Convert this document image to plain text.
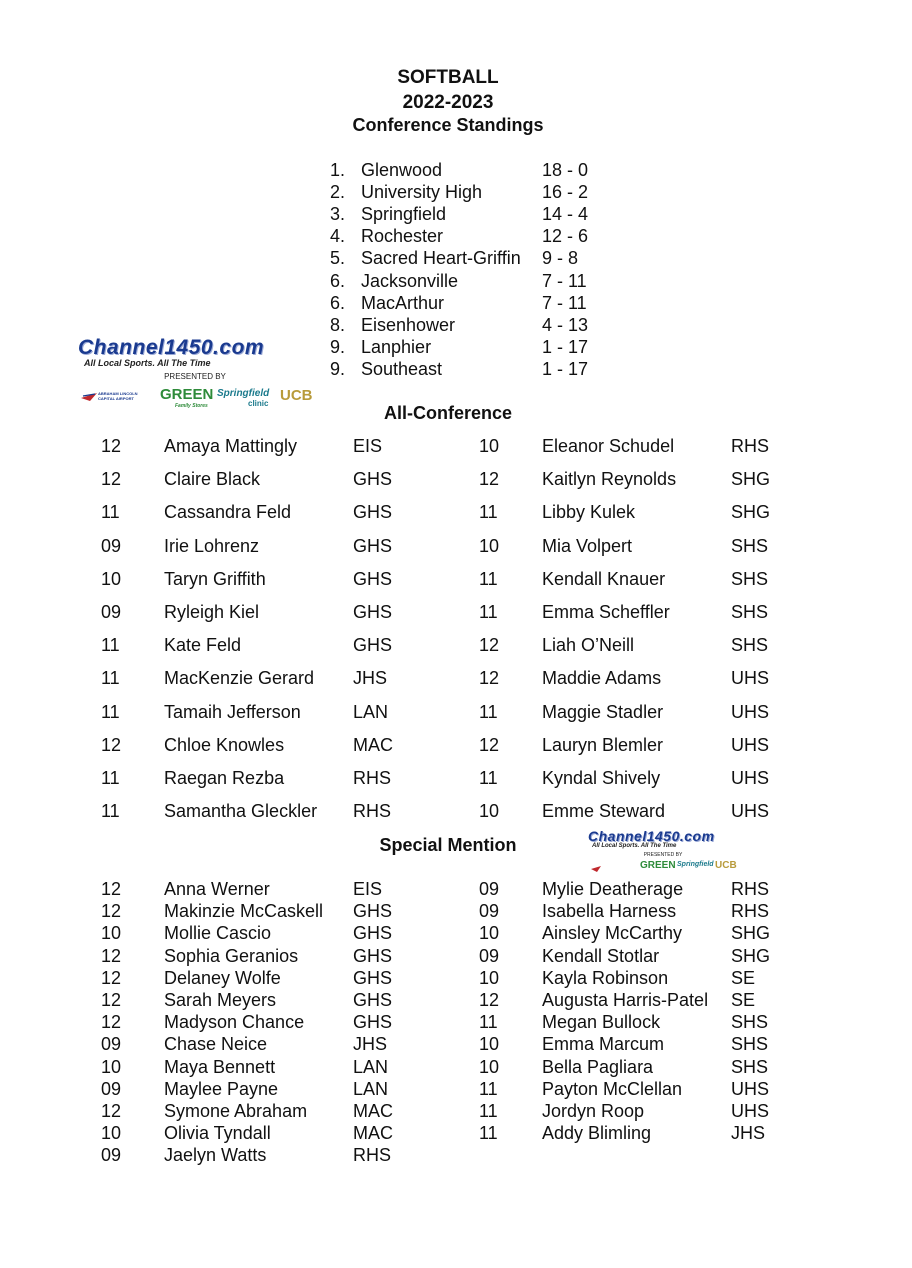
SOFTBALL
2022-2023
Conference Standings
1. Glenwood	18 - 0
2. University High	16 - 2
3. Springfield	14 - 4
4. Rochester	12 - 6
5. Sacred Heart-Griffin 9 - 8
6. Jacksonville	7 - 11
6. MacArthur	7 - 11
8. Eisenhower	4 - 13
9. Lanphier	1 - 17
9. Southeast	1 - 17
Channel1450.com
All Local Sports. All The Time
PRESENTED BY
ABRAHAM LINCOLN CAPITAL AIRPORT	GREEN
Family Stores
Springfield
clinic UCB
All-Conference
12 Amaya Mattingly	EIS	10 Eleanor Schudel	RHS
12 Claire Black	GHS	12 Kaitlyn Reynolds	SHG
11 Cassandra Feld	GHS	11 Libby Kulek	SHG
09 Irie Lohrenz	GHS	10 Mia Volpert	SHS
10 Taryn Griffith	GHS	11 Kendall Knauer	SHS
09 Ryleigh Kiel	GHS	11 Emma Scheffler	SHS
11 Kate Feld	GHS	12 Liah O’Neill	SHS
11 MacKenzie Gerard JHS	12 Maddie Adams	UHS
11 Tamaih Jefferson	LAN	11 Maggie Stadler	UHS
12 Chloe Knowles	MAC	12 Lauryn Blemler	UHS
11 Raegan Rezba	RHS	11 Kyndal Shively	UHS
11 Samantha Gleckler RHS	10 Emme Steward	UHS
Special Mention	Channel1450.com
All Local Sports. All The Time
PRESENTED BY
GREEN Springfield UCB
12 Anna Werner	EIS	09 Mylie Deatherage	RHS
12 Makinzie McCaskell GHS	09 Isabella Harness	RHS
10 Mollie Cascio	GHS	10 Ainsley McCarthy	SHG
12 Sophia Geranios	GHS	09 Kendall Stotlar	SHG
12 Delaney Wolfe	GHS	10 Kayla Robinson	SE
12 Sarah Meyers	GHS	12 Augusta Harris-Patel SE
12 Madyson Chance	GHS	11 Megan Bullock	SHS
09 Chase Neice	JHS	10 Emma Marcum	SHS
10 Maya Bennett	LAN	10 Bella Pagliara	SHS
09 Maylee Payne	LAN	11 Payton McClellan	UHS
12 Symone Abraham	MAC	11 Jordyn Roop	UHS
10 Olivia Tyndall	MAC	11 Addy Blimling	JHS
09 Jaelyn Watts	RHS
